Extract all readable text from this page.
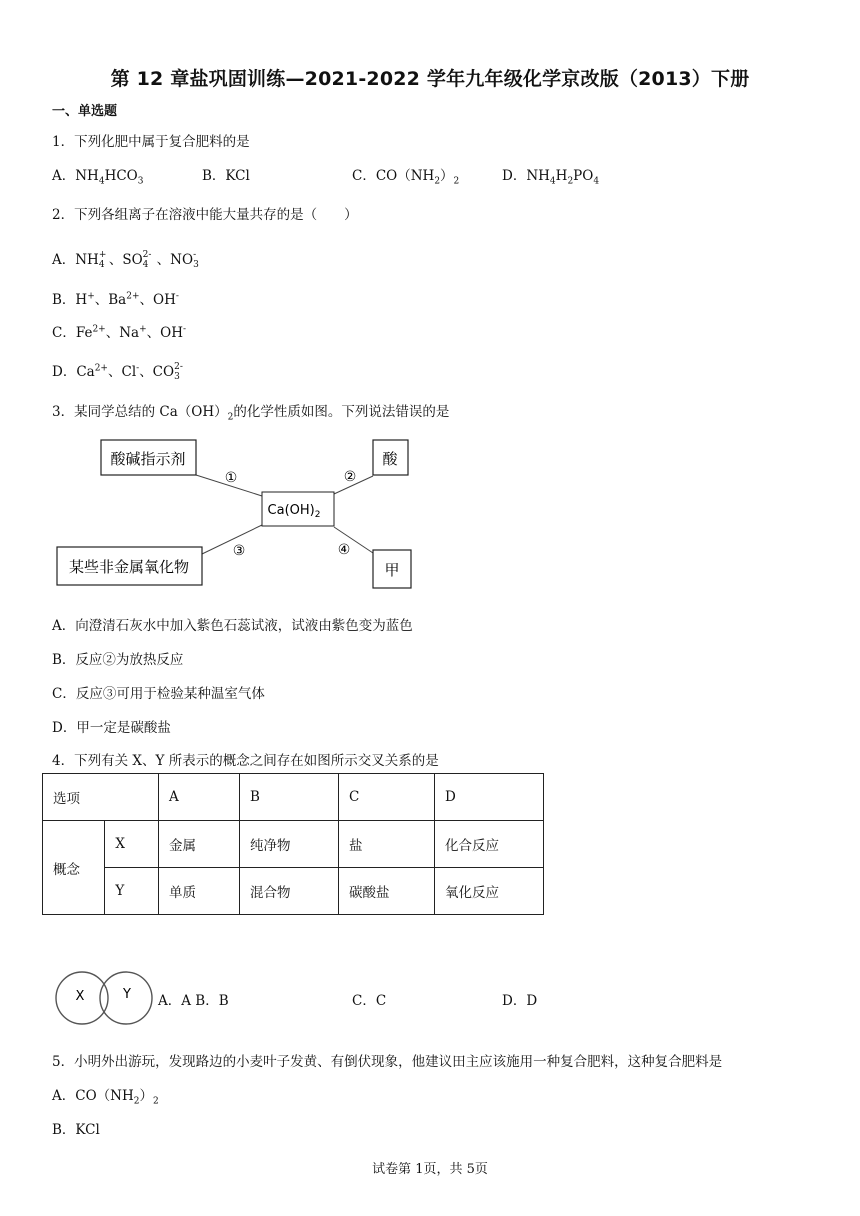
第 12 章盐巩固训练—2021-2022 学年九年级化学京改版（2013）下册
一、单选题
1．下列化肥中属于复合肥料的是
A．$NH_4HCO_3$	B．KCl	C．$CO(NH_2)_2$	D．$NH_4H_2PO_4$
2．下列各组离子在溶液中能大量共存的是（　　）
A．NH +
4 、SO 2-
4 、NO -
3
B．H+、$Ba^{2+}$、OH-
C．$Fe^{2+}$、Na+、OH-
D．$Ca^{2+}$、Cl-、CO 2-
3
3．某同学总结的 $Ca(OH)_2$的化学性质如图。下列说法错误的是
酸碱指示剂	酸
$Ca(OH)_2$
某些非金属氧化物	甲
①	②
③	④
A．向澄清石灰水中加入紫色石蕊试液，试液由紫色变为蓝色
B．反应②为放热反应
C．反应③可用于检验某种温室气体
D．甲一定是碳酸盐
4．下列有关 X、Y 所表示的概念之间存在如图所示交叉关系的是
选项		A	B	C	D
概念	X	金属	纯净物	盐	化合反应
	Y	单质	混合物	碳酸盐	氧化反应
X	Y A．A B．B	C．C	D．D
5．小明外出游玩，发现路边的小麦叶子发黄、有倒伏现象，他建议田主应该施用一种复合肥料，这种复合肥料是
A．$CO(NH_2)_2$
B．KCl
试卷第 1页，共 5页
